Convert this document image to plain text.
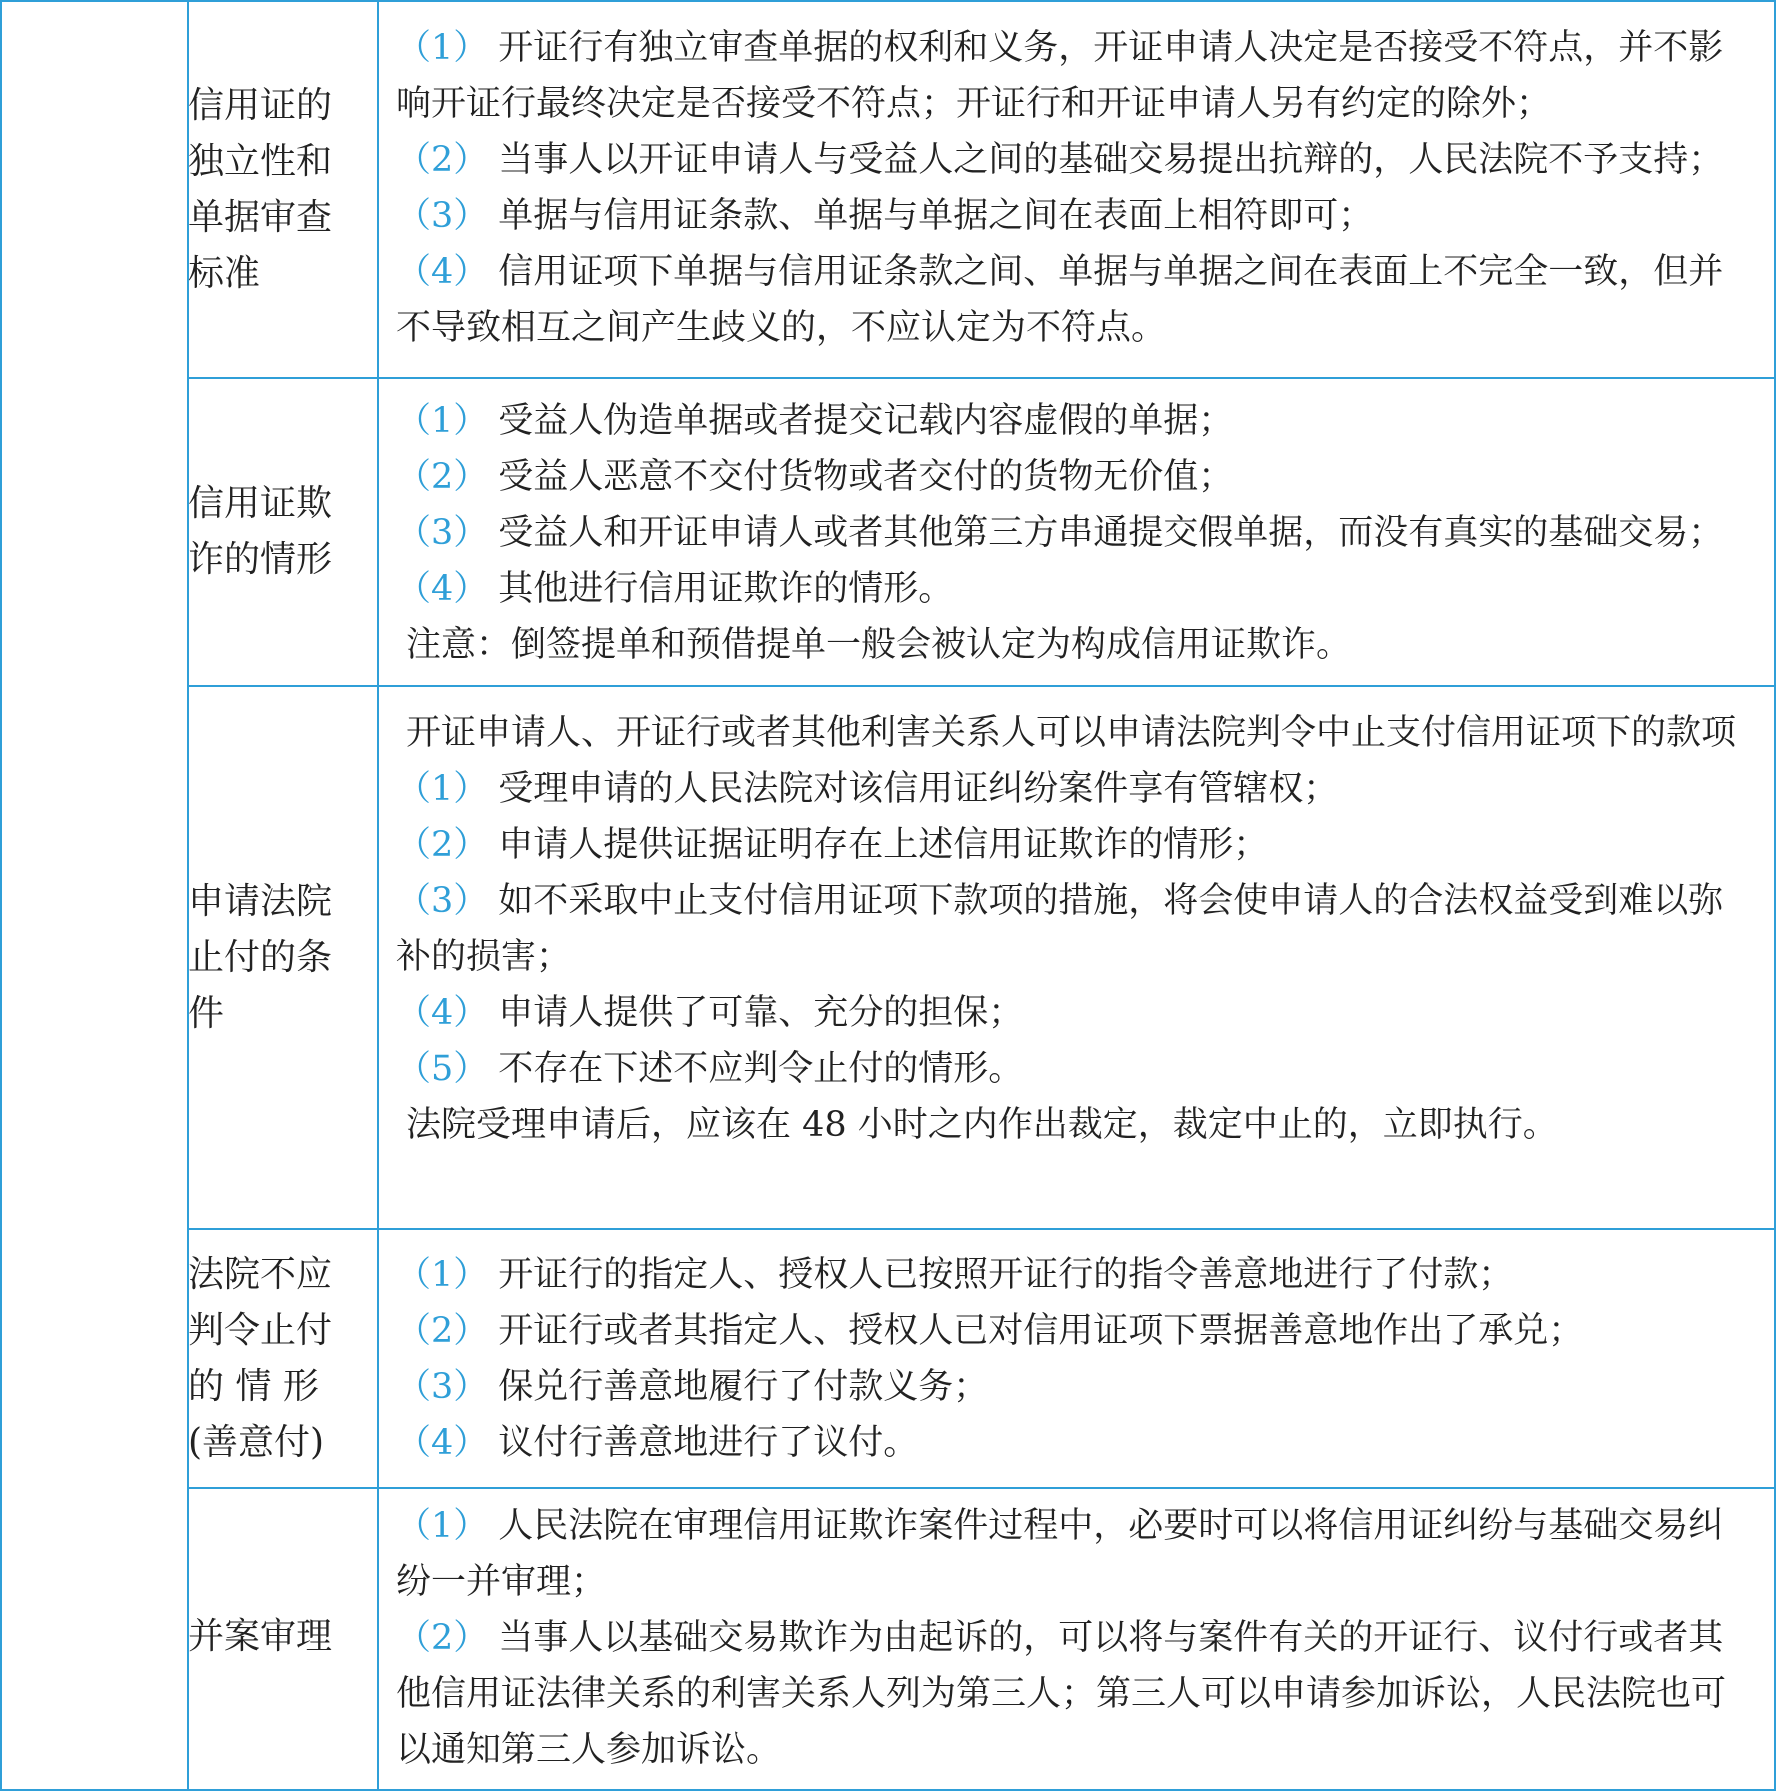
信用证的
独立性和
单据审查
标准
（1） 开证行有独立审查单据的权利和义务，开证申请人决定是否接受不符点，并不影响开证行最终决定是否接受不符点；开证行和开证申请人另有约定的除外；
（2） 当事人以开证申请人与受益人之间的基础交易提出抗辩的，人民法院不予支持；
（3） 单据与信用证条款、单据与单据之间在表面上相符即可；
（4） 信用证项下单据与信用证条款之间、单据与单据之间在表面上不完全一致，但并不导致相互之间产生歧义的，不应认定为不符点。
信用证欺
诈的情形
（1） 受益人伪造单据或者提交记载内容虚假的单据；
（2） 受益人恶意不交付货物或者交付的货物无价值；
（3） 受益人和开证申请人或者其他第三方串通提交假单据，而没有真实的基础交易；
（4） 其他进行信用证欺诈的情形。
注意：倒签提单和预借提单一般会被认定为构成信用证欺诈。
申请法院
止付的条
件
开证申请人、开证行或者其他利害关系人可以申请法院判令中止支付信用证项下的款项
（1） 受理申请的人民法院对该信用证纠纷案件享有管辖权；
（2） 申请人提供证据证明存在上述信用证欺诈的情形；
（3） 如不采取中止支付信用证项下款项的措施，将会使申请人的合法权益受到难以弥补的损害；
（4） 申请人提供了可靠、充分的担保；
（5） 不存在下述不应判令止付的情形。
法院受理申请后，应该在 48 小时之内作出裁定，裁定中止的，立即执行。
法院不应
判令止付
的 情 形
(善意付)
（1） 开证行的指定人、授权人已按照开证行的指令善意地进行了付款；
（2） 开证行或者其指定人、授权人已对信用证项下票据善意地作出了承兑；
（3） 保兑行善意地履行了付款义务；
（4） 议付行善意地进行了议付。
并案审理
（1） 人民法院在审理信用证欺诈案件过程中，必要时可以将信用证纠纷与基础交易纠纷一并审理；
（2） 当事人以基础交易欺诈为由起诉的，可以将与案件有关的开证行、议付行或者其他信用证法律关系的利害关系人列为第三人；第三人可以申请参加诉讼，人民法院也可以通知第三人参加诉讼。
